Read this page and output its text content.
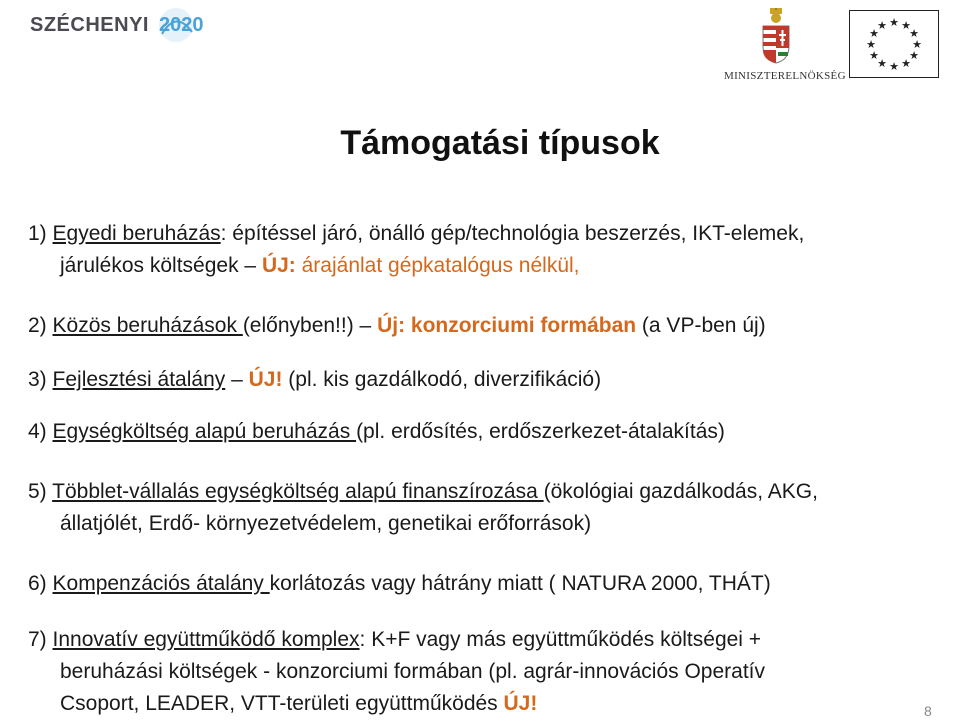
SZÉCHENYI 2020
MINISZTERELNÖKSÉG
★ ★
★
★
★
★
★
★
★
★
★
★
Támogatási típusok
1) Egyedi beruházás: építéssel járó, önálló gép/technológia beszerzés, IKT-elemek,
járulékos költségek – ÚJ: árajánlat gépkatalógus nélkül,
2) Közös beruházások (előnyben!!) – Új: konzorciumi formában (a VP-ben új)
3) Fejlesztési átalány – ÚJ! (pl. kis gazdálkodó, diverzifikáció)
4) Egységköltség alapú beruházás (pl. erdősítés, erdőszerkezet-átalakítás)
5) Többlet-vállalás egységköltség alapú finanszírozása (ökológiai gazdálkodás, AKG,
állatjólét, Erdő- környezetvédelem, genetikai erőforrások)
6) Kompenzációs átalány korlátozás vagy hátrány miatt ( NATURA 2000, THÁT)
7) Innovatív együttműködő komplex: K+F vagy más együttműködés költségei +
beruházási költségek - konzorciumi formában (pl. agrár-innovációs Operatív
Csoport, LEADER, VTT-területi együttműködés ÚJ!	8
